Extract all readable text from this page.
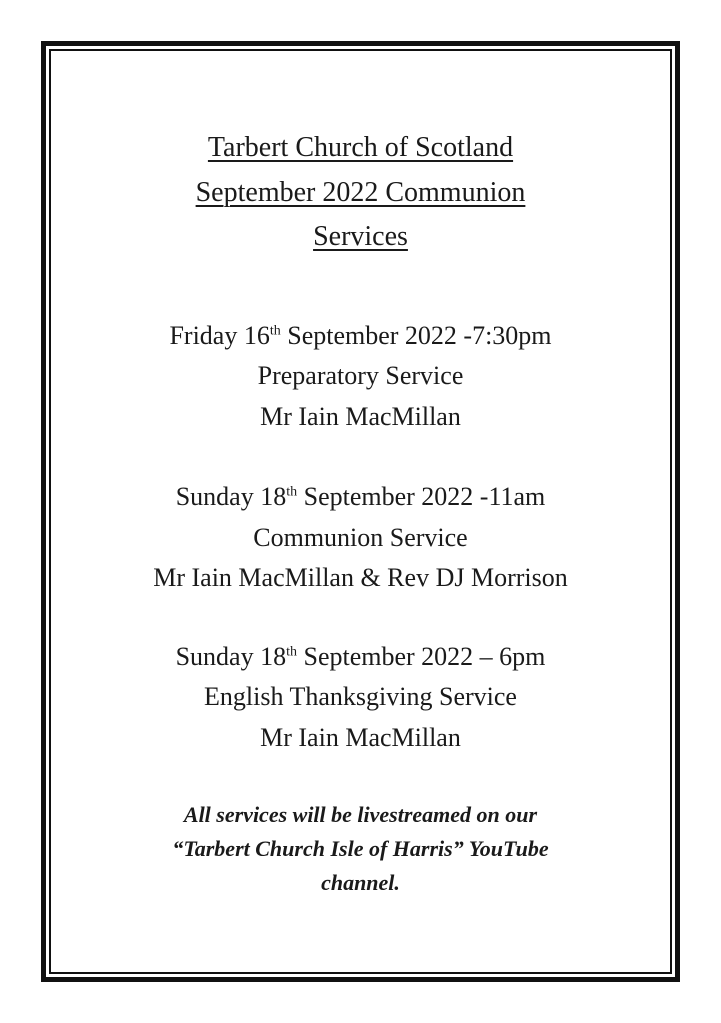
Tarbert Church of Scotland
September 2022 Communion
Services
Friday 16th September 2022 -7:30pm
Preparatory Service
Mr Iain MacMillan
Sunday 18th September 2022 -11am
Communion Service
Mr Iain MacMillan & Rev DJ Morrison
Sunday 18th September 2022 – 6pm
English Thanksgiving Service
Mr Iain MacMillan
All services will be livestreamed on our
“Tarbert Church Isle of Harris” YouTube
channel.
